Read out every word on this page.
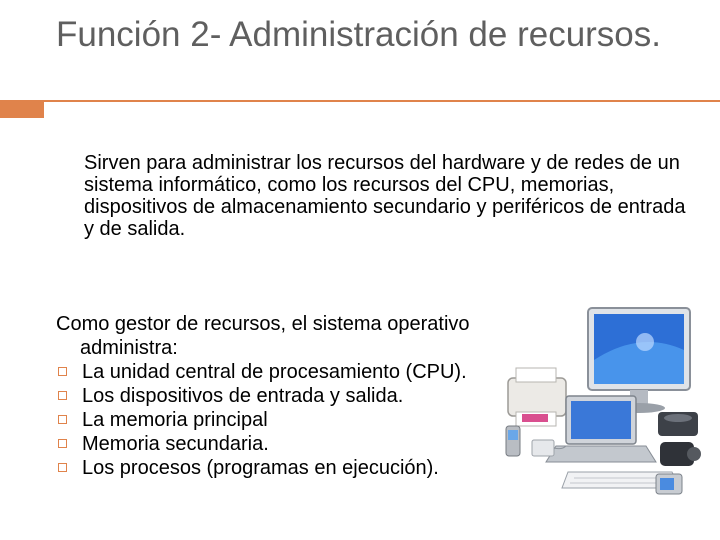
Función 2- Administración de recursos.

Sirven para administrar los recursos del hardware y de redes de un sistema informático, como los recursos del CPU, memorias, dispositivos de almacenamiento secundario y periféricos de entrada y de salida.

Como gestor de recursos, el sistema operativo

administra:

La unidad central de procesamiento (CPU).
Los dispositivos de entrada y salida.
La memoria principal
Memoria secundaria.
Los procesos (programas en ejecución).
